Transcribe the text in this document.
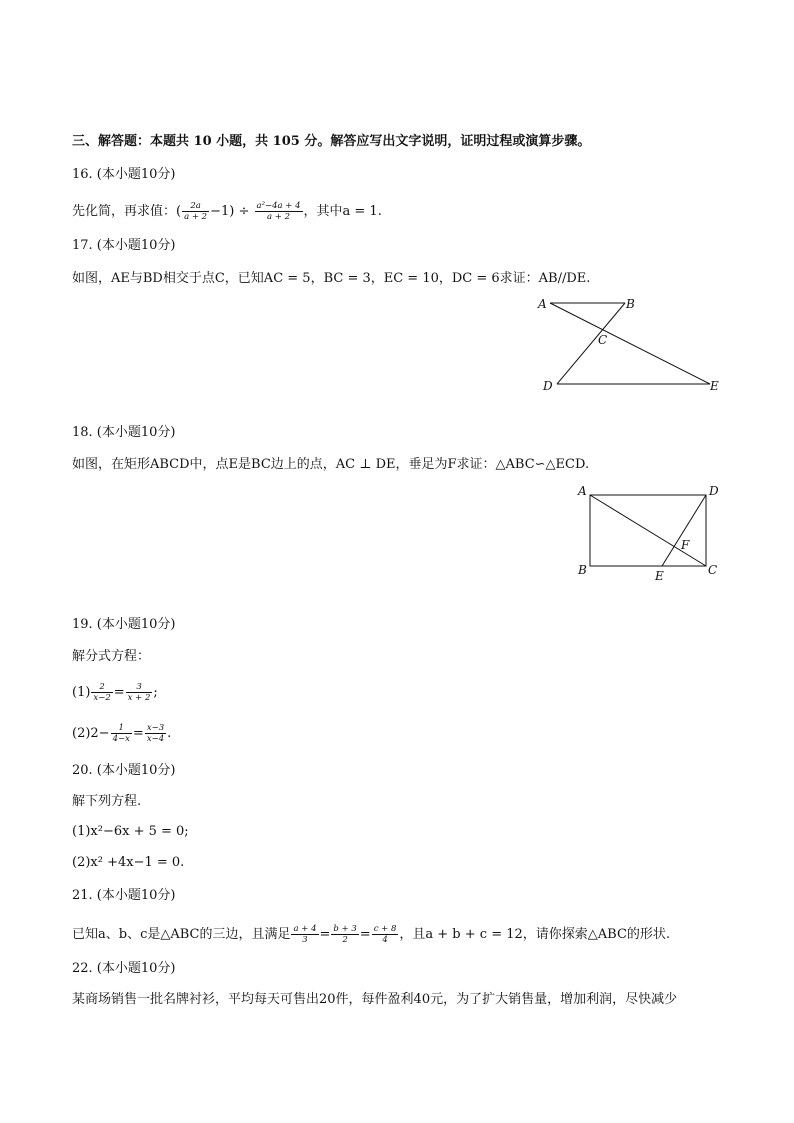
三、解答题：本题共 10 小题，共 105 分。解答应写出文字说明，证明过程或演算步骤。
16. (本小题10分)
先化简，再求值：( $\frac{2a}{a + 2} -1) \div \frac{\text{a²−4a + 4}}{a + 2}$ ，其中a = 1.
17. (本小题10分)
如图，AE与BD相交于点C，已知AC = 5，BC = 3，EC = 10，DC = 6求证：AB//DE.
A	B
C
D	E
18. (本小题10分)
如图，在矩形ABCD中，点E是BC边上的点，AC ⊥ DE，垂足为F求证：△ABC∽△ECD.
A	D
B	C
E
F
19. (本小题10分)
解分式方程：
$(1) \frac{2}{x-2} = \frac{3}{x + 2}$ ;
$(2)2- \frac{1}{4-x} = \frac{x-3}{x-4}$ .
20. (本小题10分)
解下列方程.
(1)x²−6x + 5 = 0;
(2)x² +4x−1 = 0.
21. (本小题10分)
已知a、b、c是△ABC的三边，且满足 $\frac{a + 4}{3} = \frac{b + 3}{2} = \frac{c + 8}{4}$ ，且a + b + c = 12，请你探索△ABC的形状.
22. (本小题10分)
某商场销售一批名牌衬衫，平均每天可售出20件，每件盈利40元，为了扩大销售量，增加利润，尽快减少
